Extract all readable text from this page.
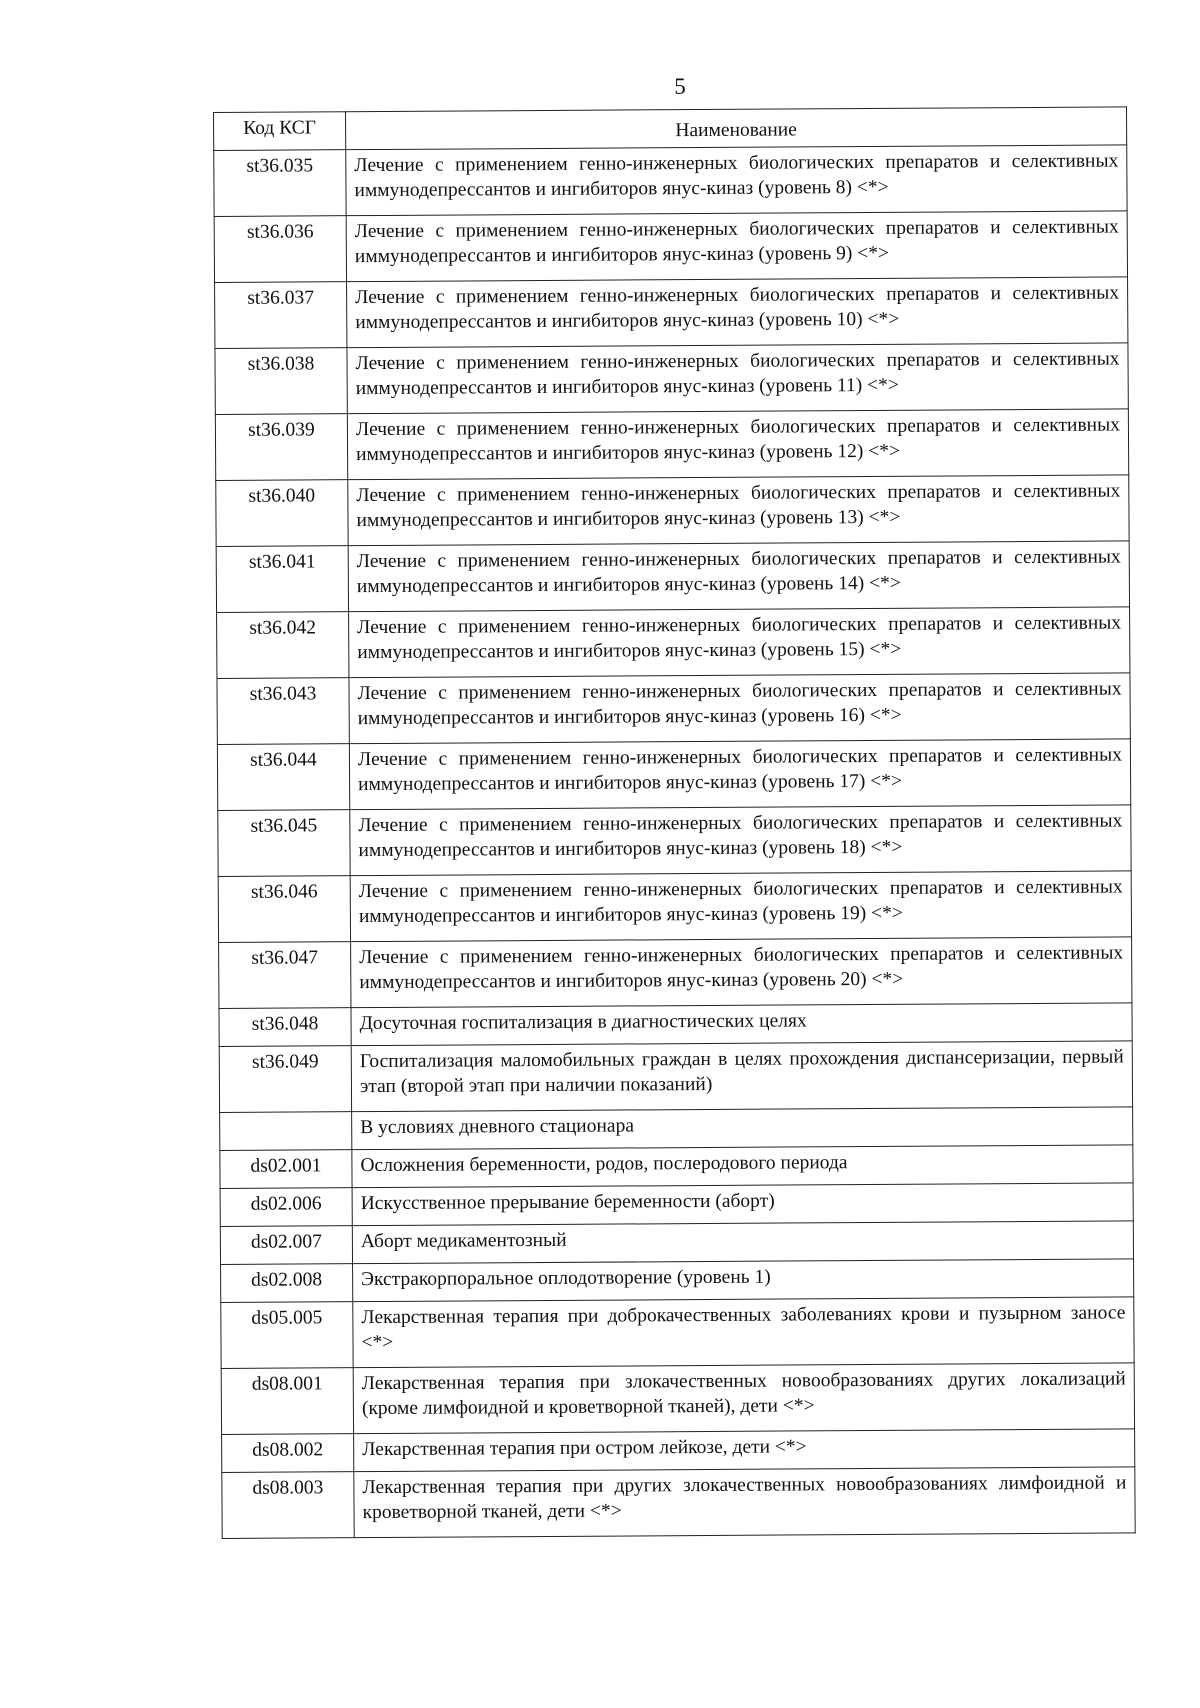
5
Код КСГ	Наименование
st36.035	Лечение с применением генно-инженерных биологических препаратов и селективных иммунодепрессантов и ингибиторов янус-киназ (уровень 8) <*>
st36.036	Лечение с применением генно-инженерных биологических препаратов и селективных иммунодепрессантов и ингибиторов янус-киназ (уровень 9) <*>
st36.037	Лечение с применением генно-инженерных биологических препаратов и селективных иммунодепрессантов и ингибиторов янус-киназ (уровень 10) <*>
st36.038	Лечение с применением генно-инженерных биологических препаратов и селективных иммунодепрессантов и ингибиторов янус-киназ (уровень 11) <*>
st36.039	Лечение с применением генно-инженерных биологических препаратов и селективных иммунодепрессантов и ингибиторов янус-киназ (уровень 12) <*>
st36.040	Лечение с применением генно-инженерных биологических препаратов и селективных иммунодепрессантов и ингибиторов янус-киназ (уровень 13) <*>
st36.041	Лечение с применением генно-инженерных биологических препаратов и селективных иммунодепрессантов и ингибиторов янус-киназ (уровень 14) <*>
st36.042	Лечение с применением генно-инженерных биологических препаратов и селективных иммунодепрессантов и ингибиторов янус-киназ (уровень 15) <*>
st36.043	Лечение с применением генно-инженерных биологических препаратов и селективных иммунодепрессантов и ингибиторов янус-киназ (уровень 16) <*>
st36.044	Лечение с применением генно-инженерных биологических препаратов и селективных иммунодепрессантов и ингибиторов янус-киназ (уровень 17) <*>
st36.045	Лечение с применением генно-инженерных биологических препаратов и селективных иммунодепрессантов и ингибиторов янус-киназ (уровень 18) <*>
st36.046	Лечение с применением генно-инженерных биологических препаратов и селективных иммунодепрессантов и ингибиторов янус-киназ (уровень 19) <*>
st36.047	Лечение с применением генно-инженерных биологических препаратов и селективных иммунодепрессантов и ингибиторов янус-киназ (уровень 20) <*>
st36.048	Досуточная госпитализация в диагностических целях
st36.049	Госпитализация маломобильных граждан в целях прохождения диспансеризации, первый этап (второй этап при наличии показаний)
	В условиях дневного стационара
ds02.001	Осложнения беременности, родов, послеродового периода
ds02.006	Искусственное прерывание беременности (аборт)
ds02.007	Аборт медикаментозный
ds02.008	Экстракорпоральное оплодотворение (уровень 1)
ds05.005	Лекарственная терапия при доброкачественных заболеваниях крови и пузырном заносе <*>
ds08.001	Лекарственная терапия при злокачественных новообразованиях других локализаций (кроме лимфоидной и кроветворной тканей), дети <*>
ds08.002	Лекарственная терапия при остром лейкозе, дети <*>
ds08.003	Лекарственная терапия при других злокачественных новообразованиях лимфоидной и кроветворной тканей, дети <*>
